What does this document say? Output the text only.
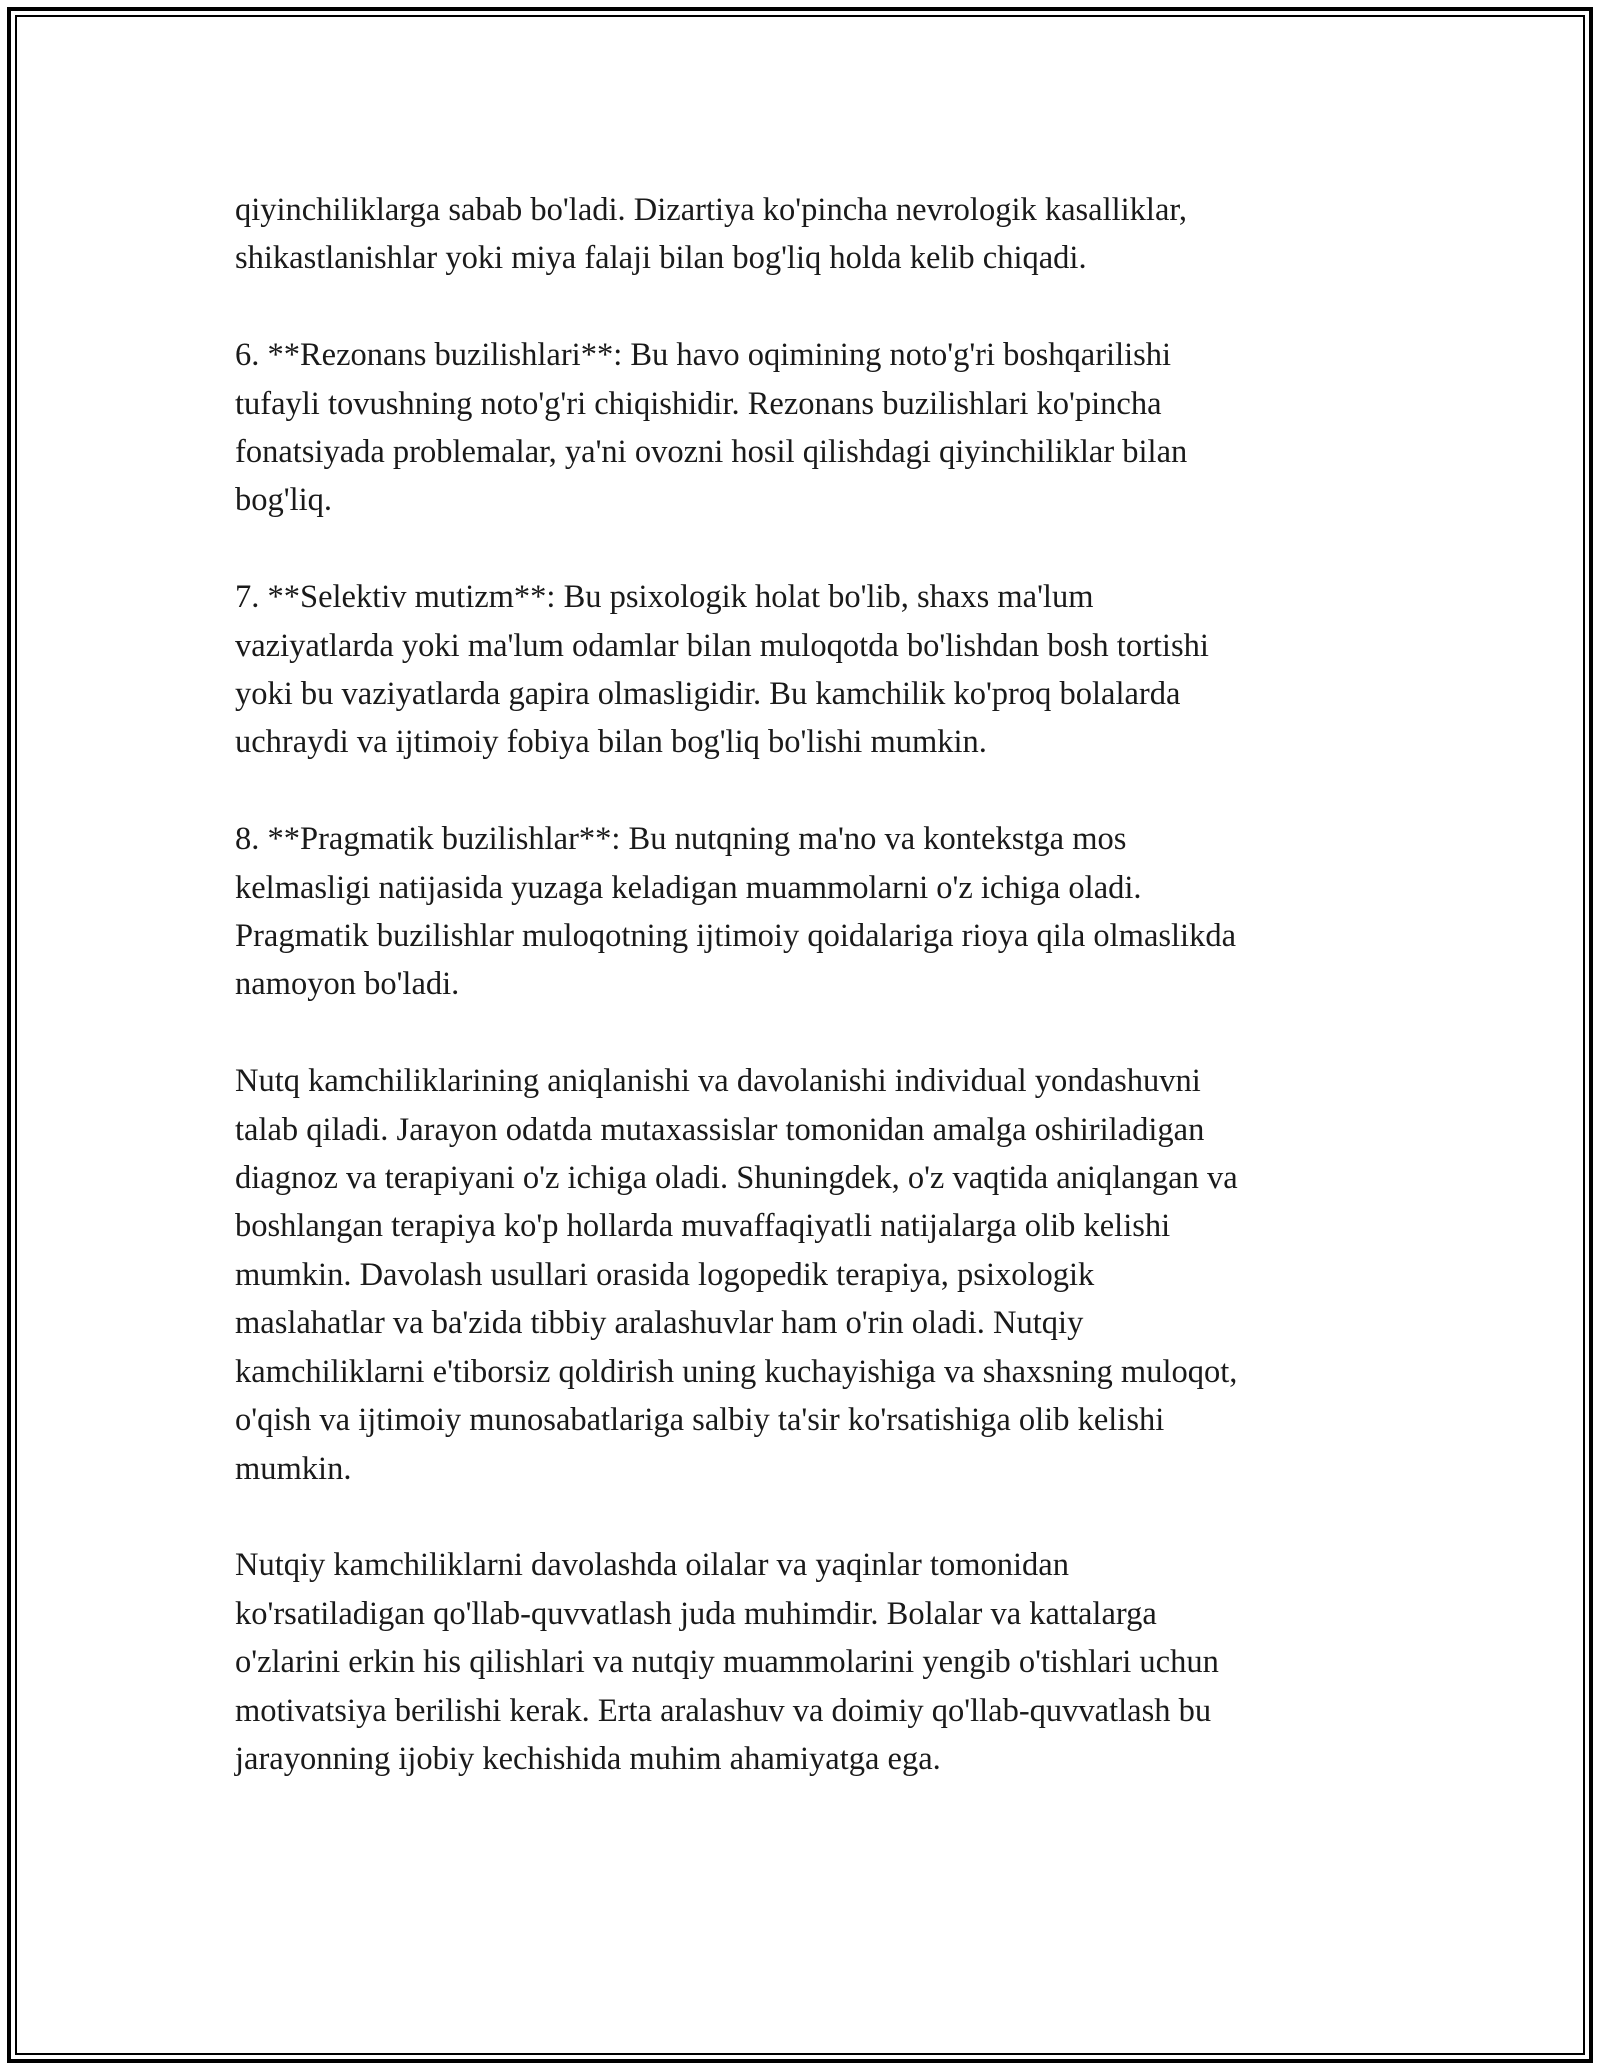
qiyinchiliklarga sabab bo'ladi. Dizartiya ko'pincha nevrologik kasalliklar,
shikastlanishlar yoki miya falaji bilan bog'liq holda kelib chiqadi.

6. **Rezonans buzilishlari**: Bu havo oqimining noto'g'ri boshqarilishi
tufayli tovushning noto'g'ri chiqishidir. Rezonans buzilishlari ko'pincha
fonatsiyada problemalar, ya'ni ovozni hosil qilishdagi qiyinchiliklar bilan
bog'liq.

7. **Selektiv mutizm**: Bu psixologik holat bo'lib, shaxs ma'lum
vaziyatlarda yoki ma'lum odamlar bilan muloqotda bo'lishdan bosh tortishi
yoki bu vaziyatlarda gapira olmasligidir. Bu kamchilik ko'proq bolalarda
uchraydi va ijtimoiy fobiya bilan bog'liq bo'lishi mumkin.

8. **Pragmatik buzilishlar**: Bu nutqning ma'no va kontekstga mos
kelmasligi natijasida yuzaga keladigan muammolarni o'z ichiga oladi.
Pragmatik buzilishlar muloqotning ijtimoiy qoidalariga rioya qila olmaslikda
namoyon bo'ladi.

Nutq kamchiliklarining aniqlanishi va davolanishi individual yondashuvni
talab qiladi. Jarayon odatda mutaxassislar tomonidan amalga oshiriladigan
diagnoz va terapiyani o'z ichiga oladi. Shuningdek, o'z vaqtida aniqlangan va
boshlangan terapiya ko'p hollarda muvaffaqiyatli natijalarga olib kelishi
mumkin. Davolash usullari orasida logopedik terapiya, psixologik
maslahatlar va ba'zida tibbiy aralashuvlar ham o'rin oladi. Nutqiy
kamchiliklarni e'tiborsiz qoldirish uning kuchayishiga va shaxsning muloqot,
o'qish va ijtimoiy munosabatlariga salbiy ta'sir ko'rsatishiga olib kelishi
mumkin.

Nutqiy kamchiliklarni davolashda oilalar va yaqinlar tomonidan
ko'rsatiladigan qo'llab-quvvatlash juda muhimdir. Bolalar va kattalarga
o'zlarini erkin his qilishlari va nutqiy muammolarini yengib o'tishlari uchun
motivatsiya berilishi kerak. Erta aralashuv va doimiy qo'llab-quvvatlash bu
jarayonning ijobiy kechishida muhim ahamiyatga ega.
